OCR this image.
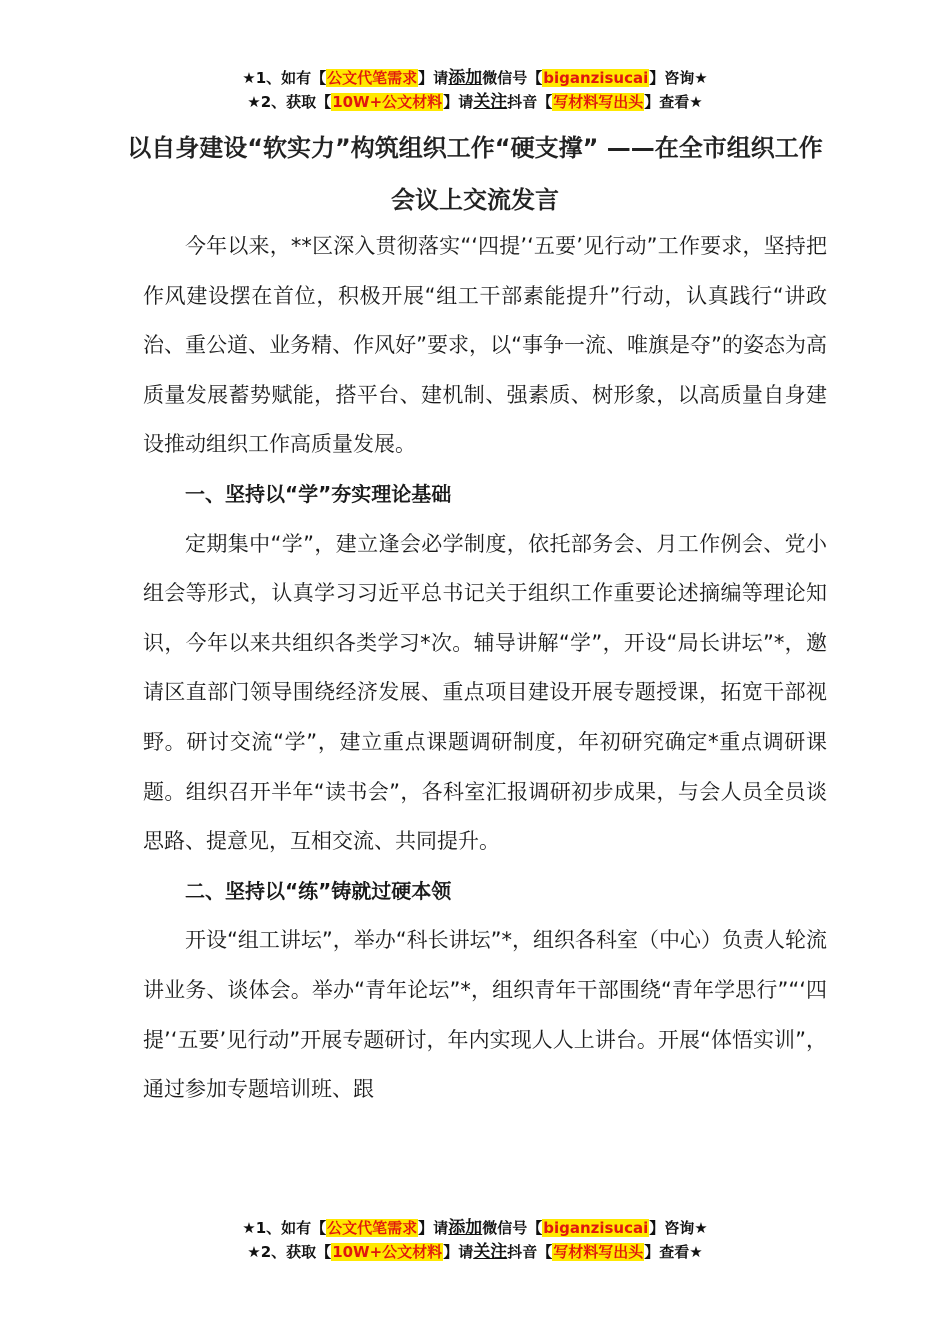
★1、如有【公文代笔需求】请添加微信号【biganzisucai】咨询★
★2、获取【10W+公文材料】请关注抖音【写材料写出头】查看★
以自身建设“软实力”构筑组织工作“硬支撑” ——在全市组织工作会议上交流发言

今年以来，**区深入贯彻落实“‘四提’‘五要’见行动”工作要求，坚持把作风建设摆在首位，积极开展“组工干部素能提升”行动，认真践行“讲政治、重公道、业务精、作风好”要求，以“事争一流、唯旗是夺”的姿态为高质量发展蓄势赋能，搭平台、建机制、强素质、树形象，以高质量自身建设推动组织工作高质量发展。

一、坚持以“学”夯实理论基础

定期集中“学”，建立逢会必学制度，依托部务会、月工作例会、党小组会等形式，认真学习习近平总书记关于组织工作重要论述摘编等理论知识，今年以来共组织各类学习*次。辅导讲解“学”，开设“局长讲坛”*，邀请区直部门领导围绕经济发展、重点项目建设开展专题授课，拓宽干部视野。研讨交流“学”，建立重点课题调研制度，年初研究确定*重点调研课题。组织召开半年“读书会”，各科室汇报调研初步成果，与会人员全员谈思路、提意见，互相交流、共同提升。

二、坚持以“练”铸就过硬本领

开设“组工讲坛”，举办“科长讲坛”*，组织各科室（中心）负责人轮流讲业务、谈体会。举办“青年论坛”*，组织青年干部围绕“青年学思行”“‘四提’‘五要’见行动”开展专题研讨，年内实现人人上讲台。开展“体悟实训”，通过参加专题培训班、跟

★1、如有【公文代笔需求】请添加微信号【biganzisucai】咨询★
★2、获取【10W+公文材料】请关注抖音【写材料写出头】查看★
